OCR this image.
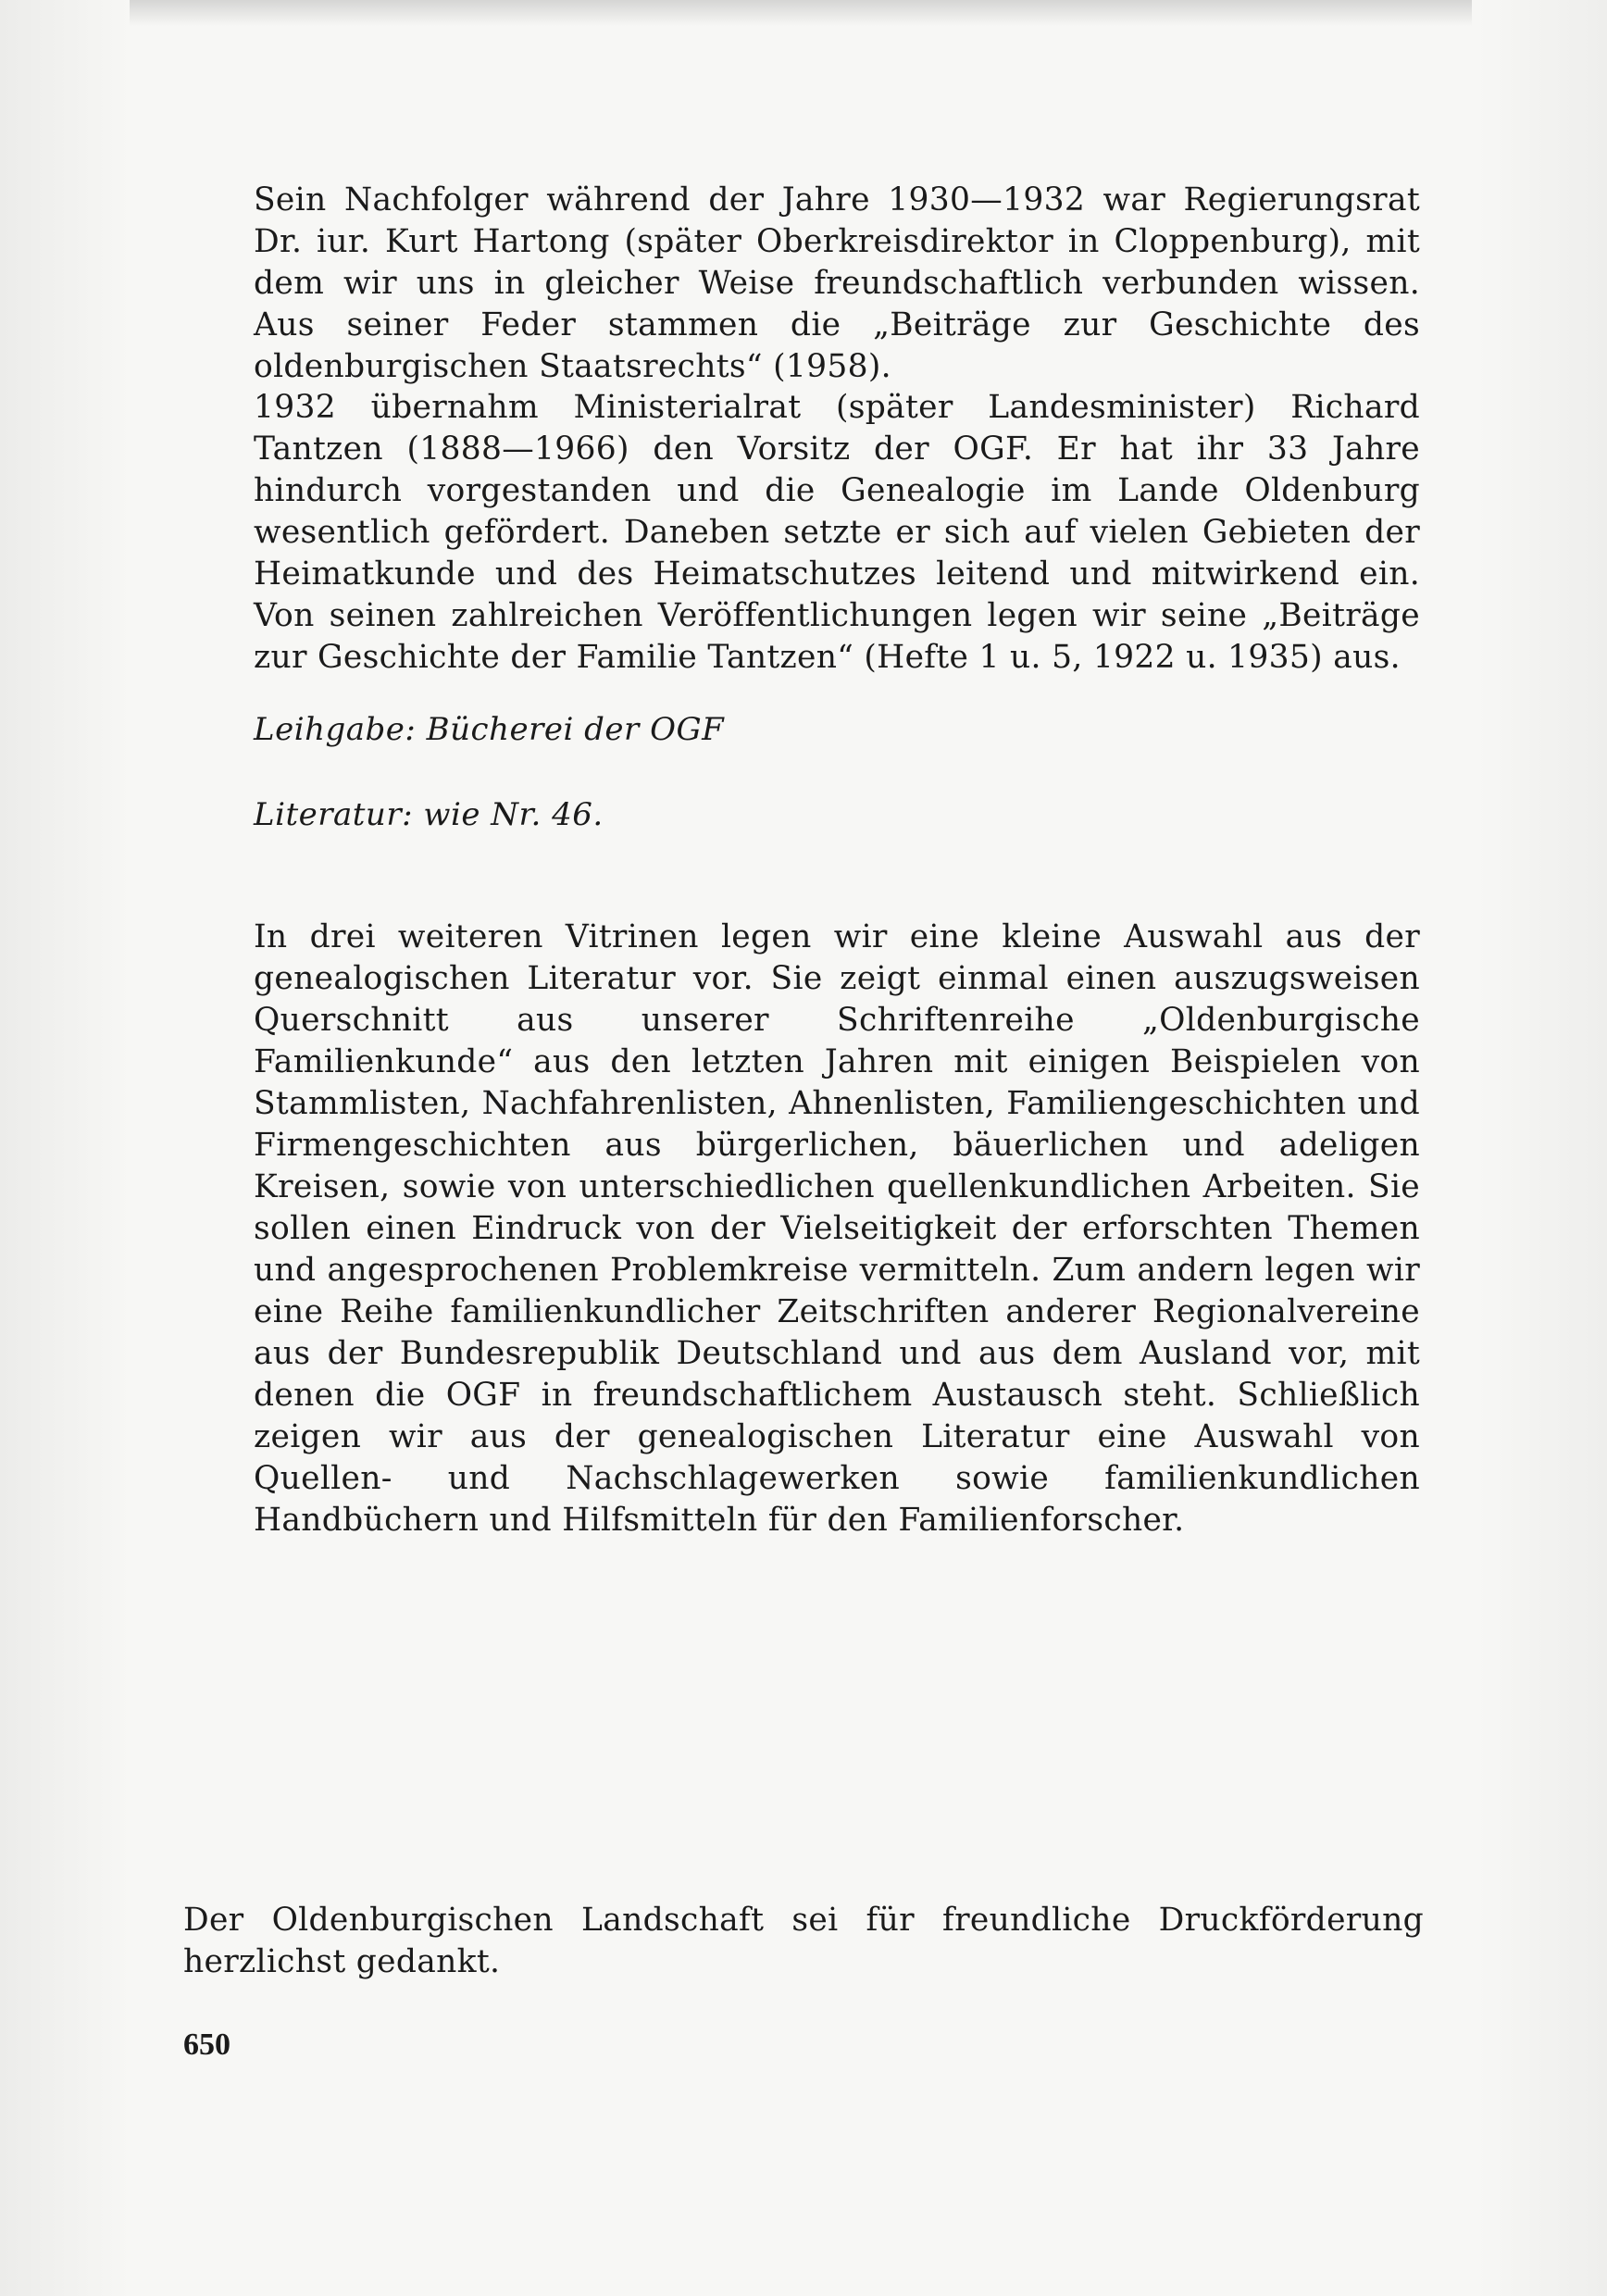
Sein Nachfolger während der Jahre 1930—1932 war Regierungsrat Dr. iur. Kurt Hartong (später Oberkreisdirektor in Cloppenburg), mit dem wir uns in gleicher Weise freundschaftlich verbunden wissen. Aus seiner Feder stammen die „Beiträge zur Geschichte des oldenburgischen Staatsrechts“ (1958).

1932 übernahm Ministerialrat (später Landesminister) Richard Tantzen (1888—1966) den Vorsitz der OGF. Er hat ihr 33 Jahre hindurch vorgestanden und die Genealogie im Lande Oldenburg wesentlich gefördert. Daneben setzte er sich auf vielen Gebieten der Heimatkunde und des Heimatschutzes leitend und mitwirkend ein. Von seinen zahlreichen Veröffentlichungen legen wir seine „Beiträge zur Geschichte der Familie Tantzen“ (Hefte 1 u. 5, 1922 u. 1935) aus.

Leihgabe: Bücherei der OGF
Literatur: wie Nr. 46.

In drei weiteren Vitrinen legen wir eine kleine Auswahl aus der genealogischen Literatur vor. Sie zeigt einmal einen auszugsweisen Querschnitt aus unserer Schriftenreihe „Oldenburgische Familienkunde“ aus den letzten Jahren mit einigen Beispielen von Stammlisten, Nachfahrenlisten, Ahnenlisten, Familiengeschichten und Firmengeschichten aus bürgerlichen, bäuerlichen und adeligen Kreisen, sowie von unterschiedlichen quellenkundlichen Arbeiten. Sie sollen einen Eindruck von der Vielseitigkeit der erforschten Themen und angesprochenen Problemkreise vermitteln. Zum andern legen wir eine Reihe familienkundlicher Zeitschriften anderer Regionalvereine aus der Bundesrepublik Deutschland und aus dem Ausland vor, mit denen die OGF in freundschaftlichem Austausch steht. Schließlich zeigen wir aus der genealogischen Literatur eine Auswahl von Quellen- und Nachschlagewerken sowie familienkundlichen Handbüchern und Hilfsmitteln für den Familienforscher.

Der Oldenburgischen Landschaft sei für freundliche Druckförderung herzlichst gedankt.

650
